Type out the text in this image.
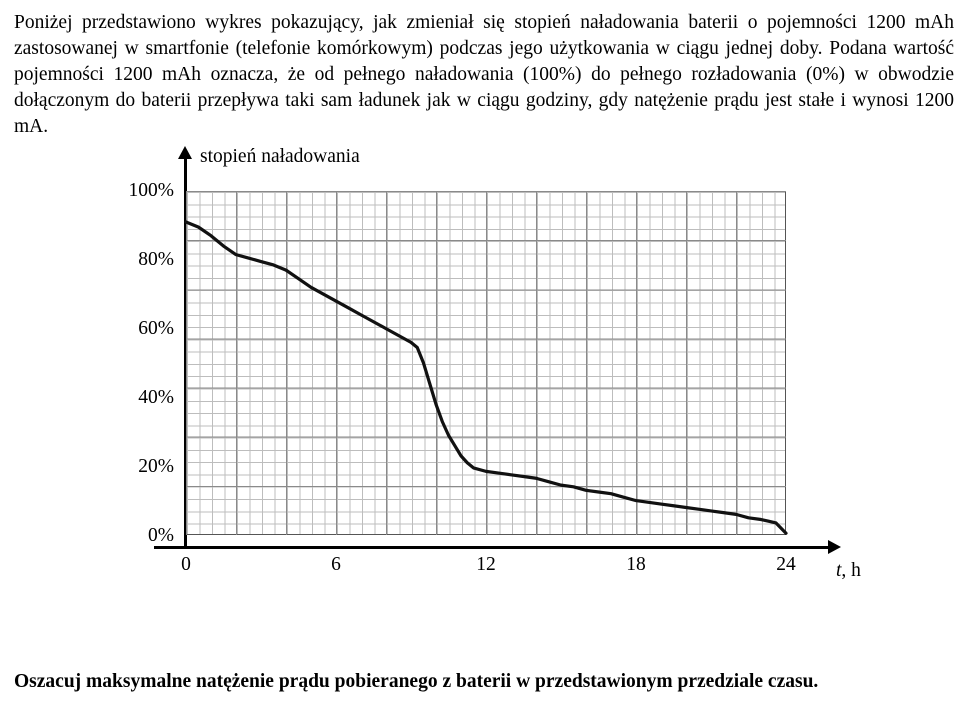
Poniżej przedstawiono wykres pokazujący, jak zmieniał się stopień naładowania baterii o pojemności 1200 mAh zastosowanej w smartfonie (telefonie komórkowym) podczas jego użytkowania w ciągu jednej doby. Podana wartość pojemności 1200 mAh oznacza, że od pełnego naładowania (100%) do pełnego rozładowania (0%) w obwodzie dołączonym do baterii przepływa taki sam ładunek jak w ciągu godziny, gdy natężenie prądu jest stałe i wynosi 1200 mA.

stopień naładowania
t, h
0%
20%
40%
60%
80%
100%
0	6	12	18	24

Oszacuj maksymalne natężenie prądu pobieranego z baterii w przedstawionym przedziale czasu.
